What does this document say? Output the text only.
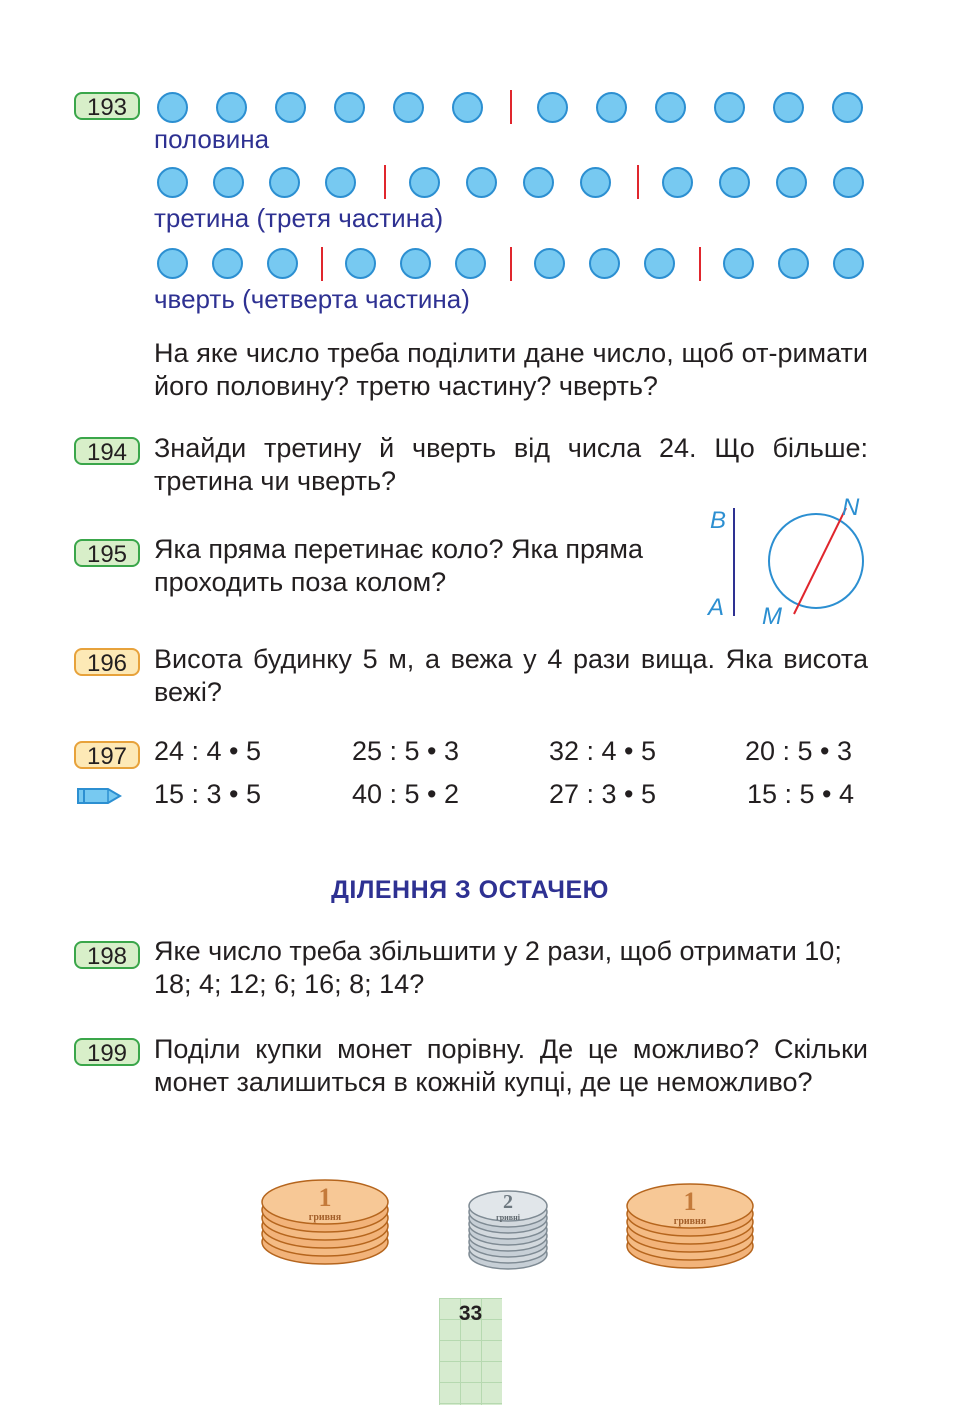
193
половина
третина (третя частина)
чверть (четверта частина)
На яке число треба поділити дане число, щоб от-римати його половину? третю частину? чверть?
194 Знайди третину й чверть від числа 24. Що більше: третина чи чверть?
195 Яка пряма перетинає коло? Яка пряма проходить поза колом?
B
A
N
M
196 Висота будинку 5 м, а вежа у 4 рази вища. Яка висота вежі?
197 24 : 4 • 5	25 : 5 • 3	32 : 4 • 5	20 : 5 • 3
15 : 3 • 5	40 : 5 • 2	27 : 3 • 5	15 : 5 • 4
ДІЛЕННЯ З ОСТАЧЕЮ
198 Яке число треба збільшити у 2 рази, щоб отримати 10; 18; 4; 12; 6; 16; 8; 14?
199 Поділи купки монет порівну. Де це можливо? Скільки монет залишиться в кожній купці, де це неможливо?
1
гривня
2
гривні
1
гривня
33
